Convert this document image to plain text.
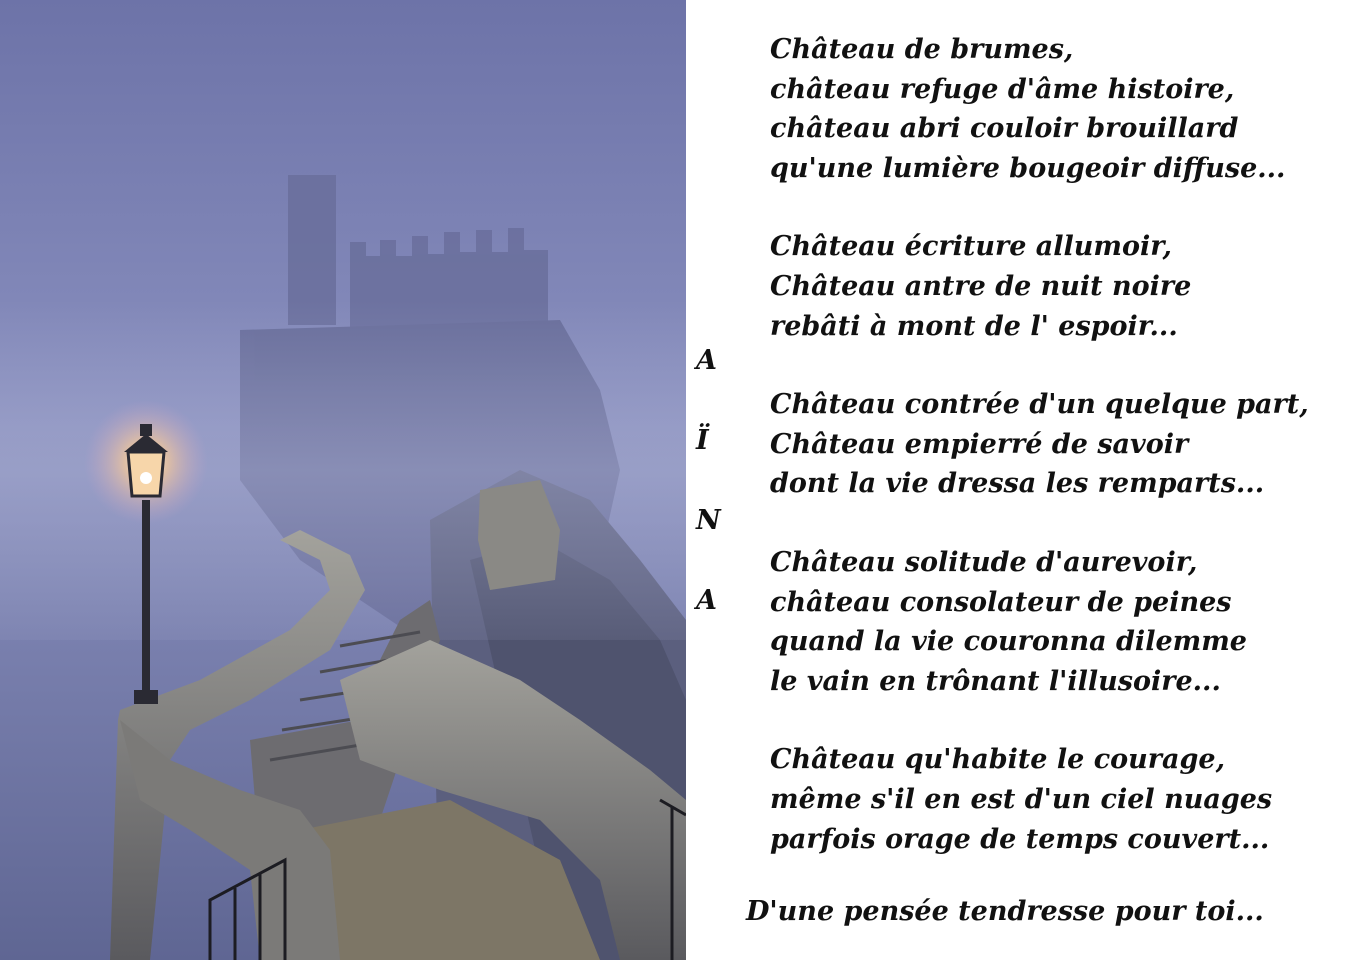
A
Ï
N
A
Château de brumes,
château refuge d'âme histoire,
château abri couloir brouillard
qu'une lumière bougeoir diffuse...
Château écriture allumoir,
Château antre de nuit noire
rebâti à mont de l' espoir...
Château contrée d'un quelque part,
Château empierré de savoir
dont la vie dressa les remparts...
Château solitude d'aurevoir,
château consolateur de peines
quand la vie couronna dilemme
le vain en trônant l'illusoire...
Château qu'habite le courage,
même s'il en est d'un ciel nuages
parfois orage de temps couvert...
D'une pensée tendresse pour toi...
